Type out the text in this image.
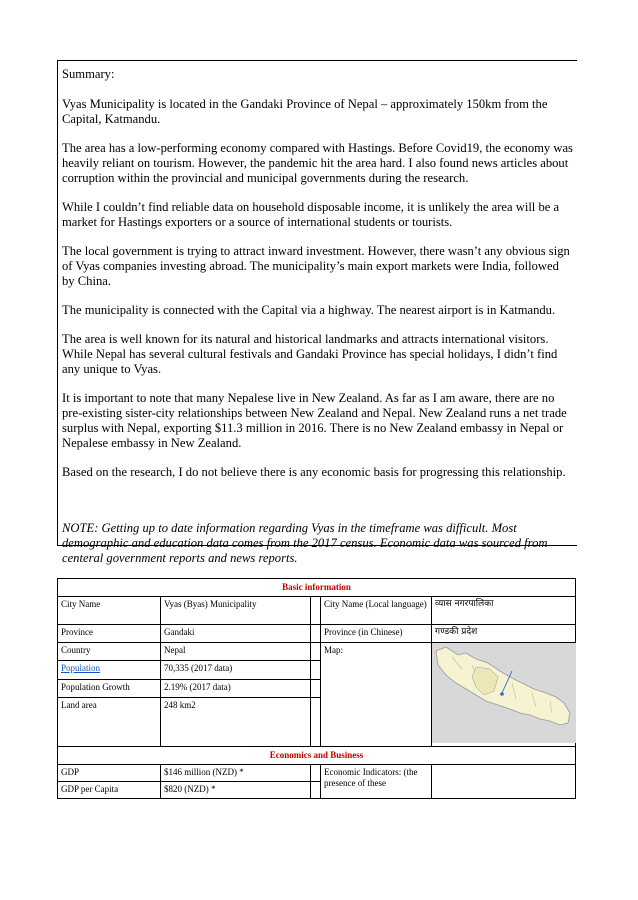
Summary:

Vyas Municipality is located in the Gandaki Province of Nepal – approximately 150km from the Capital, Katmandu.

The area has a low-performing economy compared with Hastings. Before Covid19, the economy was heavily reliant on tourism. However, the pandemic hit the area hard. I also found news articles about corruption within the provincial and municipal governments during the research.

While I couldn’t find reliable data on household disposable income, it is unlikely the area will be a market for Hastings exporters or a source of international students or tourists.

The local government is trying to attract inward investment. However, there wasn’t any obvious sign of Vyas companies investing abroad. The municipality’s main export markets were India, followed by China.

The municipality is connected with the Capital via a highway. The nearest airport is in Katmandu.

The area is well known for its natural and historical landmarks and attracts international visitors. While Nepal has several cultural festivals and Gandaki Province has special holidays, I didn’t find any unique to Vyas.

It is important to note that many Nepalese live in New Zealand. As far as I am aware, there are no pre-existing sister-city relationships between New Zealand and Nepal. New Zealand runs a net trade surplus with Nepal, exporting $11.3 million in 2016. There is no New Zealand embassy in Nepal or Nepalese embassy in New Zealand.

Based on the research, I do not believe there is any economic basis for progressing this relationship.

NOTE: Getting up to date information regarding Vyas in the timeframe was difficult. Most demographic and education data comes from the 2017 census. Economic data was sourced from centeral government reports and news reports.

Basic information				
City Name	Vyas (Byas) Municipality		City Name (Local language)	व्यास नगरपालिका
Province	Gandaki		Province (in Chinese)	गण्डकी प्रदेश
Country	Nepal		Map:	
Population	70,335 (2017 data)			
Population Growth	2.19% (2017 data)			
Land area	248 km2			
Economics and Business				
GDP	$146 million (NZD) *		Economic Indicators: (the presence of these	
GDP per Capita	$820 (NZD) *			
